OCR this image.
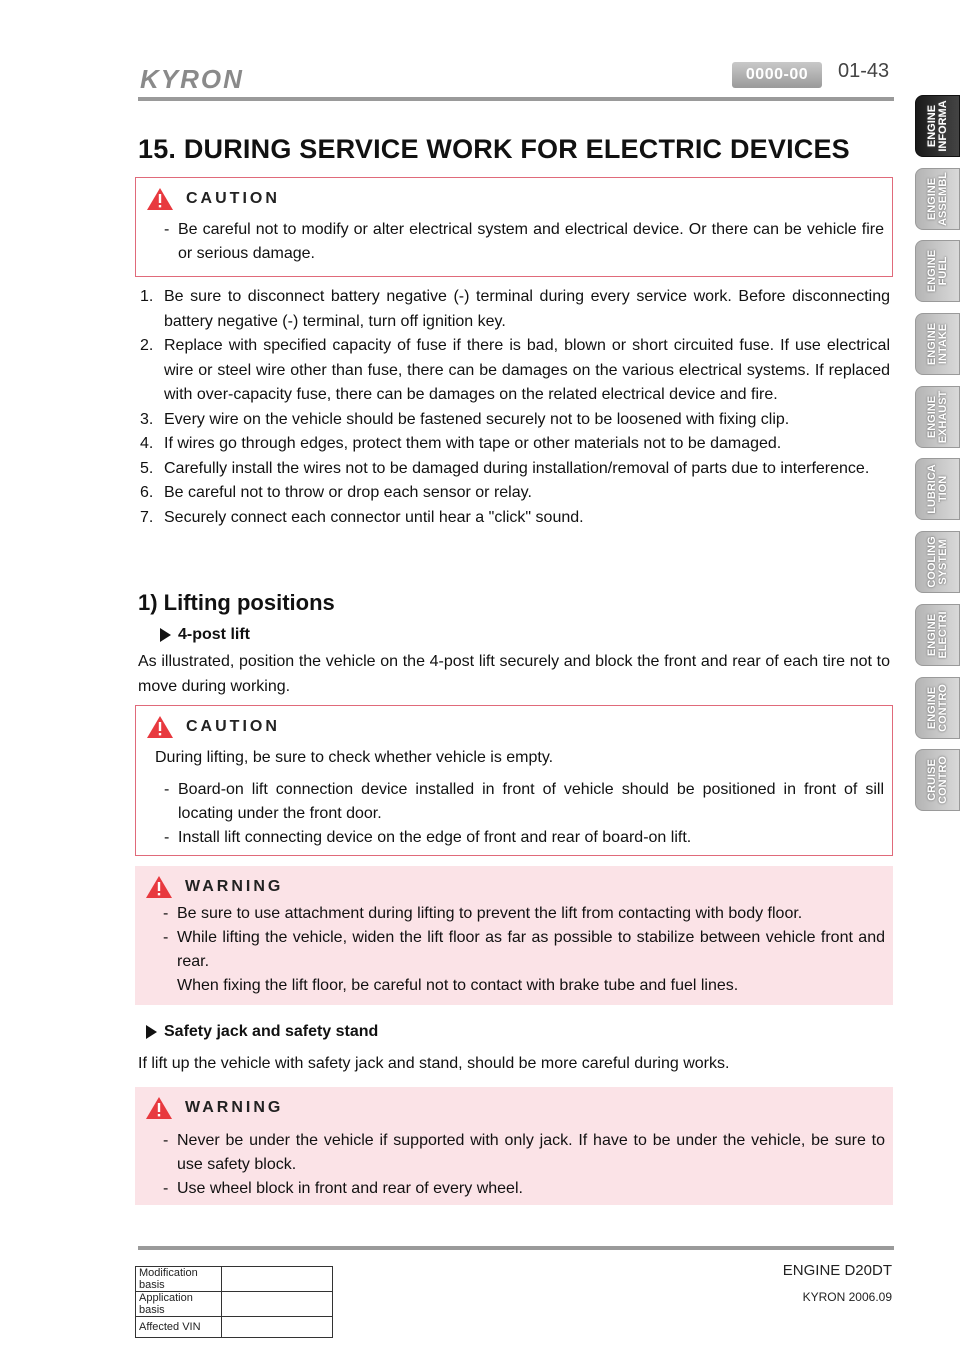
KYRON	0000-00	01-43
ENGINE
INFORMA
ENGINE
ASSEMBL
ENGINE
FUEL
ENGINE
INTAKE
ENGINE
EXHAUST
LUBRICA
TION
COOLING
SYSTEM
ENGINE
ELECTRI
ENGINE
CONTRO
CRUISE
CONTRO
15. DURING SERVICE WORK FOR ELECTRIC DEVICES
CAUTION
- Be careful not to modify or alter electrical system and electrical device. Or there can be vehicle fire or serious damage.
1. Be sure to disconnect battery negative (-) terminal during every service work. Before disconnecting battery negative (-) terminal, turn off ignition key.
2. Replace with specified capacity of fuse if there is bad, blown or short circuited fuse. If use electrical wire or steel wire other than fuse, there can be damages on the various electrical systems. If replaced with over-capacity fuse, there can be damages on the related electrical device and fire.
3. Every wire on the vehicle should be fastened securely not to be loosened with fixing clip.
4. If wires go through edges, protect them with tape or other materials not to be damaged.
5. Carefully install the wires not to be damaged during installation/removal of parts due to interference.
6. Be careful not to throw or drop each sensor or relay.
7. Securely connect each connector until hear a "click" sound.
1) Lifting positions
4-post lift
As illustrated, position the vehicle on the 4-post lift securely and block the front and rear of each tire not to move during working.
CAUTION
During lifting, be sure to check whether vehicle is empty.
- Board-on lift connection device installed in front of vehicle should be positioned in front of sill locating under the front door.
- Install lift connecting device on the edge of front and rear of board-on lift.
WARNING
- Be sure to use attachment during lifting to prevent the lift from contacting with body floor.
- While lifting the vehicle, widen the lift floor as far as possible to stabilize between vehicle front and rear.
When fixing the lift floor, be careful not to contact with brake tube and fuel lines.
Safety jack and safety stand
If lift up the vehicle with safety jack and stand, should be more careful during works.
WARNING
- Never be under the vehicle if supported with only jack. If have to be under the vehicle, be sure to use safety block.
- Use wheel block in front and rear of every wheel.
ENGINE D20DT
KYRON 2006.09
Modification basis	
Application basis	
Affected VIN	
